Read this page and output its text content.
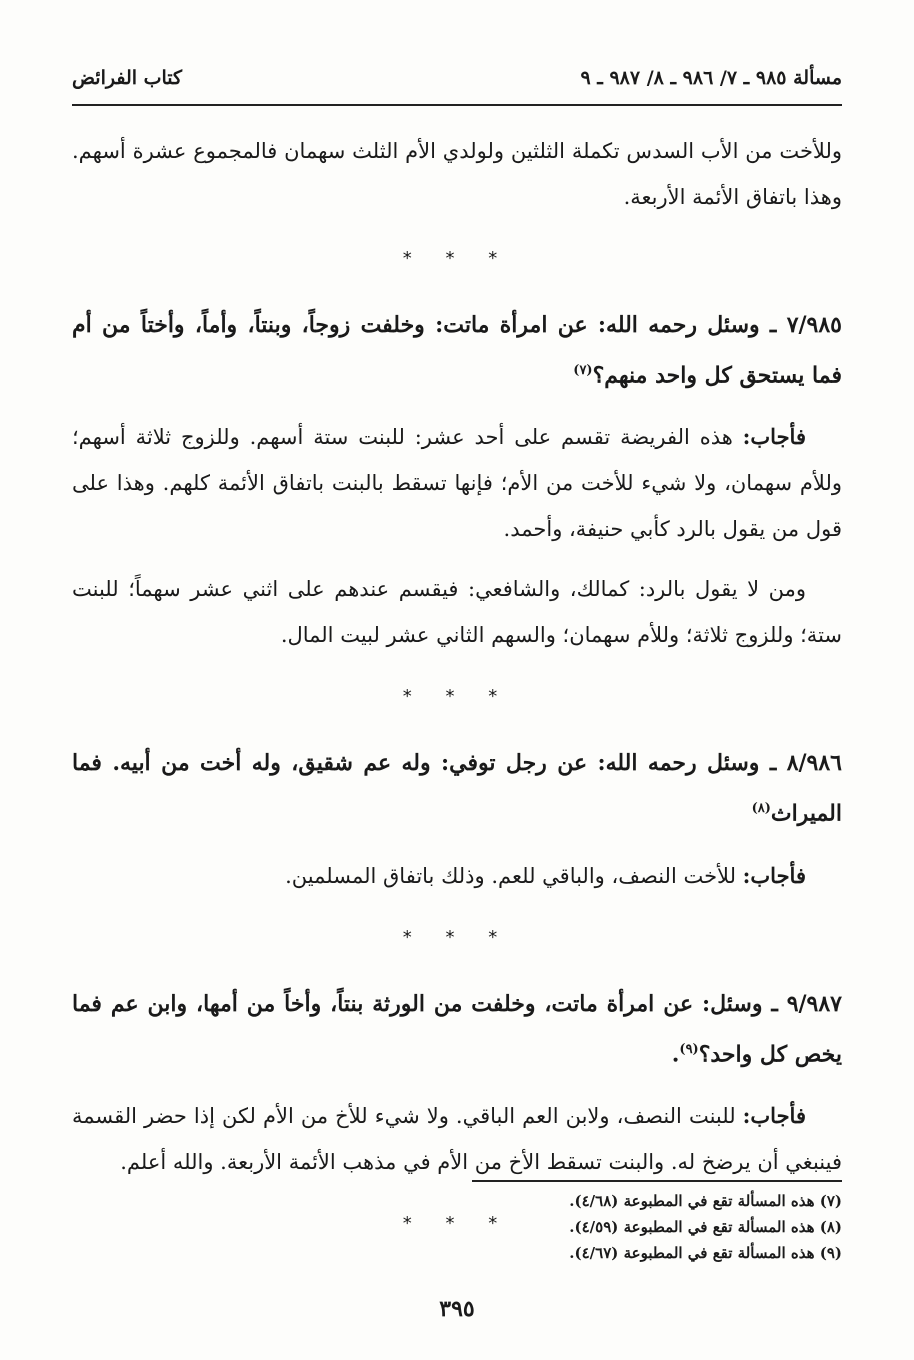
مسألة ٩٨٥ ـ ٧/ ٩٨٦ ـ ٨/ ٩٨٧ ـ ٩
كتاب الفرائض

وللأخت من الأب السدس تكملة الثلثين ولولدي الأم الثلث سهمان فالمجموع عشرة أسهم. وهذا باتفاق الأئمة الأربعة.

* * *

٧/٩٨٥ ـ وسئل رحمه الله: عن امرأة ماتت: وخلفت زوجاً، وبنتاً، وأماً، وأختاً من أم فما يستحق كل واحد منهم؟$^{(٧)}$

فأجاب: هذه الفريضة تقسم على أحد عشر: للبنت ستة أسهم. وللزوج ثلاثة أسهم؛ وللأم سهمان، ولا شيء للأخت من الأم؛ فإنها تسقط بالبنت باتفاق الأئمة كلهم. وهذا على قول من يقول بالرد كأبي حنيفة، وأحمد.

ومن لا يقول بالرد: كمالك، والشافعي: فيقسم عندهم على اثني عشر سهماً؛ للبنت ستة؛ وللزوج ثلاثة؛ وللأم سهمان؛ والسهم الثاني عشر لبيت المال.

* * *

٨/٩٨٦ ـ وسئل رحمه الله: عن رجل توفي: وله عم شقيق، وله أخت من أبيه. فما الميراث$^{(٨)}$

فأجاب: للأخت النصف، والباقي للعم. وذلك باتفاق المسلمين.

* * *

٩/٩٨٧ ـ وسئل: عن امرأة ماتت، وخلفت من الورثة بنتاً، وأخاً من أمها، وابن عم فما يخص كل واحد؟$^{(٩)}$.

فأجاب: للبنت النصف، ولابن العم الباقي. ولا شيء للأخ من الأم لكن إذا حضر القسمة فينبغي أن يرضخ له. والبنت تسقط الأخ من الأم في مذهب الأئمة الأربعة. والله أعلم.

* * *
(٧) هذه المسألة تقع في المطبوعة (٤/٦٨).
(٨) هذه المسألة تقع في المطبوعة (٤/٥٩).
(٩) هذه المسألة تقع في المطبوعة (٤/٦٧).
٣٩٥
